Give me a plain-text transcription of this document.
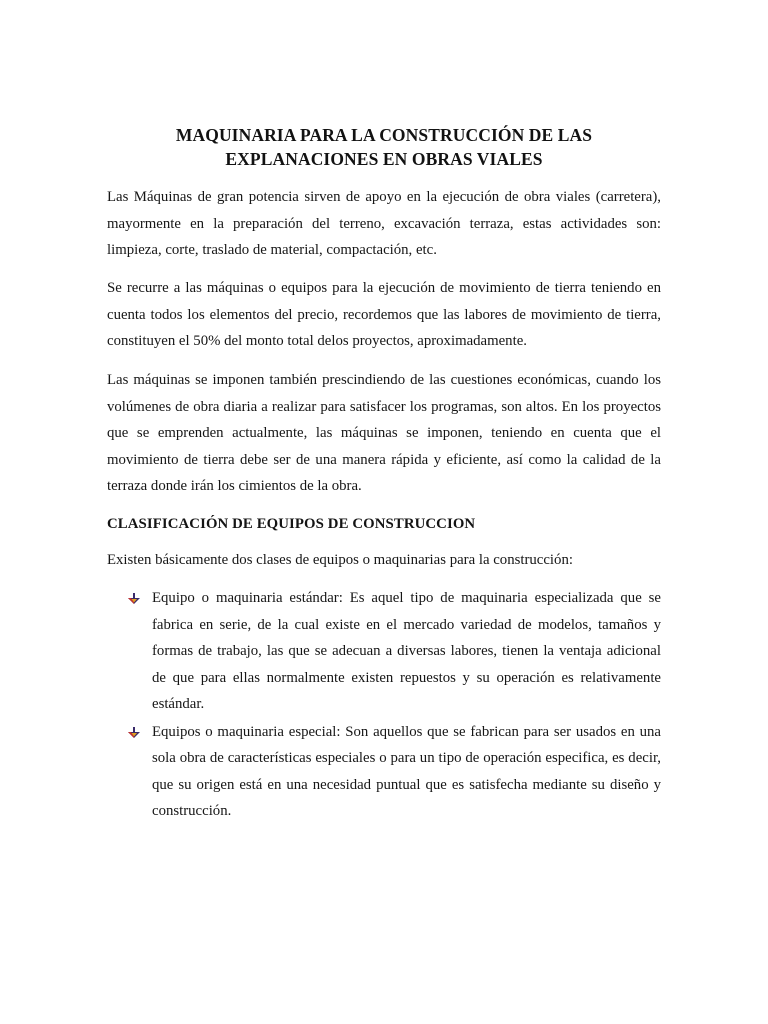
MAQUINARIA PARA LA CONSTRUCCIÓN DE LAS
EXPLANACIONES EN OBRAS VIALES

Las Máquinas de gran potencia sirven de apoyo en la ejecución de obra viales (carretera), mayormente en la preparación del terreno, excavación terraza, estas actividades son: limpieza, corte, traslado de material, compactación, etc.

Se recurre a las máquinas o equipos para la ejecución de movimiento de tierra teniendo en cuenta todos los elementos del precio, recordemos que las labores de movimiento de tierra, constituyen el 50% del monto total delos proyectos, aproximadamente.

Las máquinas se imponen también prescindiendo de las cuestiones económicas, cuando los volúmenes de obra diaria a realizar para satisfacer los programas, son altos. En los proyectos que se emprenden actualmente, las máquinas se imponen, teniendo en cuenta que el movimiento de tierra debe ser de una manera rápida y eficiente, así como la calidad de la terraza donde irán los cimientos de la obra.

CLASIFICACIÓN DE EQUIPOS DE CONSTRUCCION

Existen básicamente dos clases de equipos o maquinarias para la construcción:

Equipo o maquinaria estándar: Es aquel tipo de maquinaria especializada que se fabrica en serie, de la cual existe en el mercado variedad de modelos, tamaños y formas de trabajo, las que se adecuan a diversas labores, tienen la ventaja adicional de que para ellas normalmente existen repuestos y su operación es relativamente estándar.
Equipos o maquinaria especial: Son aquellos que se fabrican para ser usados en una sola obra de características especiales o para un tipo de operación especifica, es decir, que su origen está en una necesidad puntual que es satisfecha mediante su diseño y construcción.
